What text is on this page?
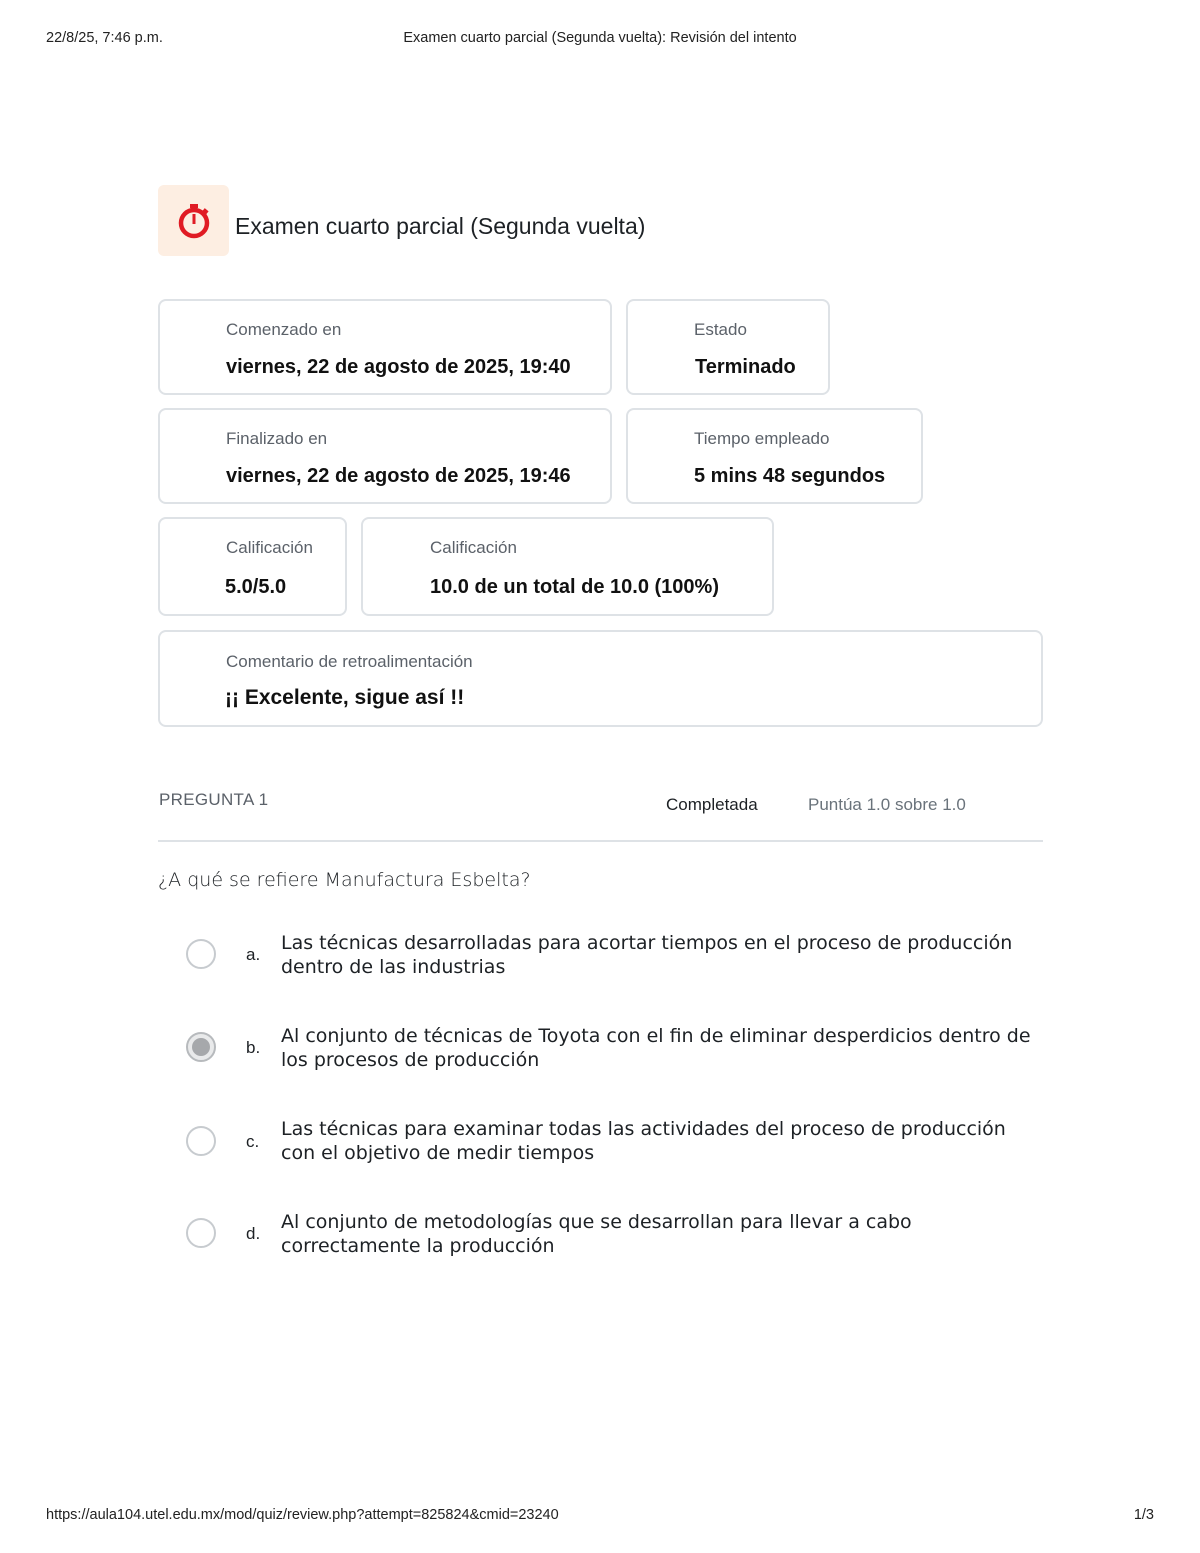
22/8/25, 7:46 p.m.	Examen cuarto parcial (Segunda vuelta): Revisión del intento
Examen cuarto parcial (Segunda vuelta)
Comenzado en
viernes, 22 de agosto de 2025, 19:40
Estado
Terminado
Finalizado en
viernes, 22 de agosto de 2025, 19:46
Tiempo empleado
5 mins 48 segundos
Calificación
5.0/5.0
Calificación
10.0 de un total de 10.0 (100%)
Comentario de retroalimentación
¡¡ Excelente, sigue así !!
PREGUNTA 1	Completada	Puntúa 1.0 sobre 1.0
¿A qué se refiere Manufactura Esbelta?
a.
Las técnicas desarrolladas para acortar tiempos en el proceso de producción dentro de las industrias
b.
Al conjunto de técnicas de Toyota con el fin de eliminar desperdicios dentro de los procesos de producción
c.
Las técnicas para examinar todas las actividades del proceso de producción con el objetivo de medir tiempos
d.
Al conjunto de metodologías que se desarrollan para llevar a cabo correctamente la producción
https://aula104.utel.edu.mx/mod/quiz/review.php?attempt=825824&cmid=23240	1/3
